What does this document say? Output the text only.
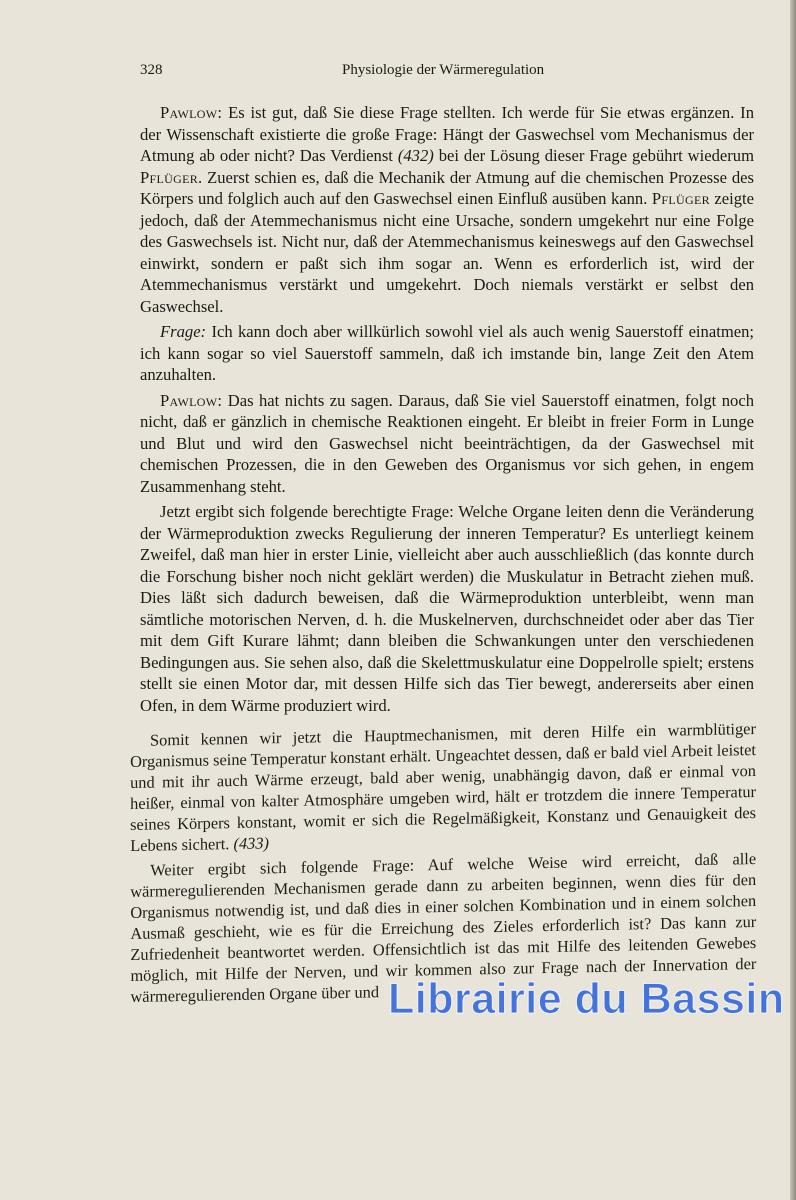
328	Physiologie der Wärmeregulation

Pawlow: Es ist gut, daß Sie diese Frage stellten. Ich werde für Sie etwas ergänzen. In der Wissenschaft existierte die große Frage: Hängt der Gaswechsel vom Mechanismus der Atmung ab oder nicht? Das Verdienst (432) bei der Lösung dieser Frage gebührt wiederum Pflüger. Zuerst schien es, daß die Mechanik der Atmung auf die chemischen Prozesse des Körpers und folglich auch auf den Gaswechsel einen Einfluß ausüben kann. Pflüger zeigte jedoch, daß der Atemmechanismus nicht eine Ursache, sondern umgekehrt nur eine Folge des Gaswechsels ist. Nicht nur, daß der Atemmechanismus keineswegs auf den Gaswechsel einwirkt, sondern er paßt sich ihm sogar an. Wenn es erforderlich ist, wird der Atemmechanismus verstärkt und umgekehrt. Doch niemals verstärkt er selbst den Gaswechsel.

Frage: Ich kann doch aber willkürlich sowohl viel als auch wenig Sauerstoff einatmen; ich kann sogar so viel Sauerstoff sammeln, daß ich imstande bin, lange Zeit den Atem anzuhalten.

Pawlow: Das hat nichts zu sagen. Daraus, daß Sie viel Sauerstoff einatmen, folgt noch nicht, daß er gänzlich in chemische Reaktionen eingeht. Er bleibt in freier Form in Lunge und Blut und wird den Gaswechsel nicht beeinträchtigen, da der Gaswechsel mit chemischen Prozessen, die in den Geweben des Organismus vor sich gehen, in engem Zusammenhang steht.

Jetzt ergibt sich folgende berechtigte Frage: Welche Organe leiten denn die Veränderung der Wärmeproduktion zwecks Regulierung der inneren Temperatur? Es unterliegt keinem Zweifel, daß man hier in erster Linie, vielleicht aber auch ausschließlich (das konnte durch die Forschung bisher noch nicht geklärt werden) die Muskulatur in Betracht ziehen muß. Dies läßt sich dadurch beweisen, daß die Wärmeproduktion unterbleibt, wenn man sämtliche motorischen Nerven, d. h. die Muskelnerven, durchschneidet oder aber das Tier mit dem Gift Kurare lähmt; dann bleiben die Schwankungen unter den verschiedenen Bedingungen aus. Sie sehen also, daß die Skelettmuskulatur eine Doppelrolle spielt; erstens stellt sie einen Motor dar, mit dessen Hilfe sich das Tier bewegt, andererseits aber einen Ofen, in dem Wärme produziert wird.

Somit kennen wir jetzt die Hauptmechanismen, mit deren Hilfe ein warmblütiger Organismus seine Temperatur konstant erhält. Ungeachtet dessen, daß er bald viel Arbeit leistet und mit ihr auch Wärme erzeugt, bald aber wenig, unabhängig davon, daß er einmal von heißer, einmal von kalter Atmosphäre umgeben wird, hält er trotzdem die innere Temperatur seines Körpers konstant, womit er sich die Regelmäßigkeit, Konstanz und Genauigkeit des Lebens sichert. (433)

Weiter ergibt sich folgende Frage: Auf welche Weise wird erreicht, daß alle wärmeregulierenden Mechanismen gerade dann zu arbeiten beginnen, wenn dies für den Organismus notwendig ist, und daß dies in einer solchen Kombination und in einem solchen Ausmaß geschieht, wie es für die Erreichung des Zieles erforderlich ist? Das kann zur Zufriedenheit beantwortet werden. Offensichtlich ist das mit Hilfe des leitenden Gewebes möglich, mit Hilfe der Nerven, und wir kommen also zur Frage nach der Innervation der wärmeregulierenden Organe über und Librairie du Bassin
